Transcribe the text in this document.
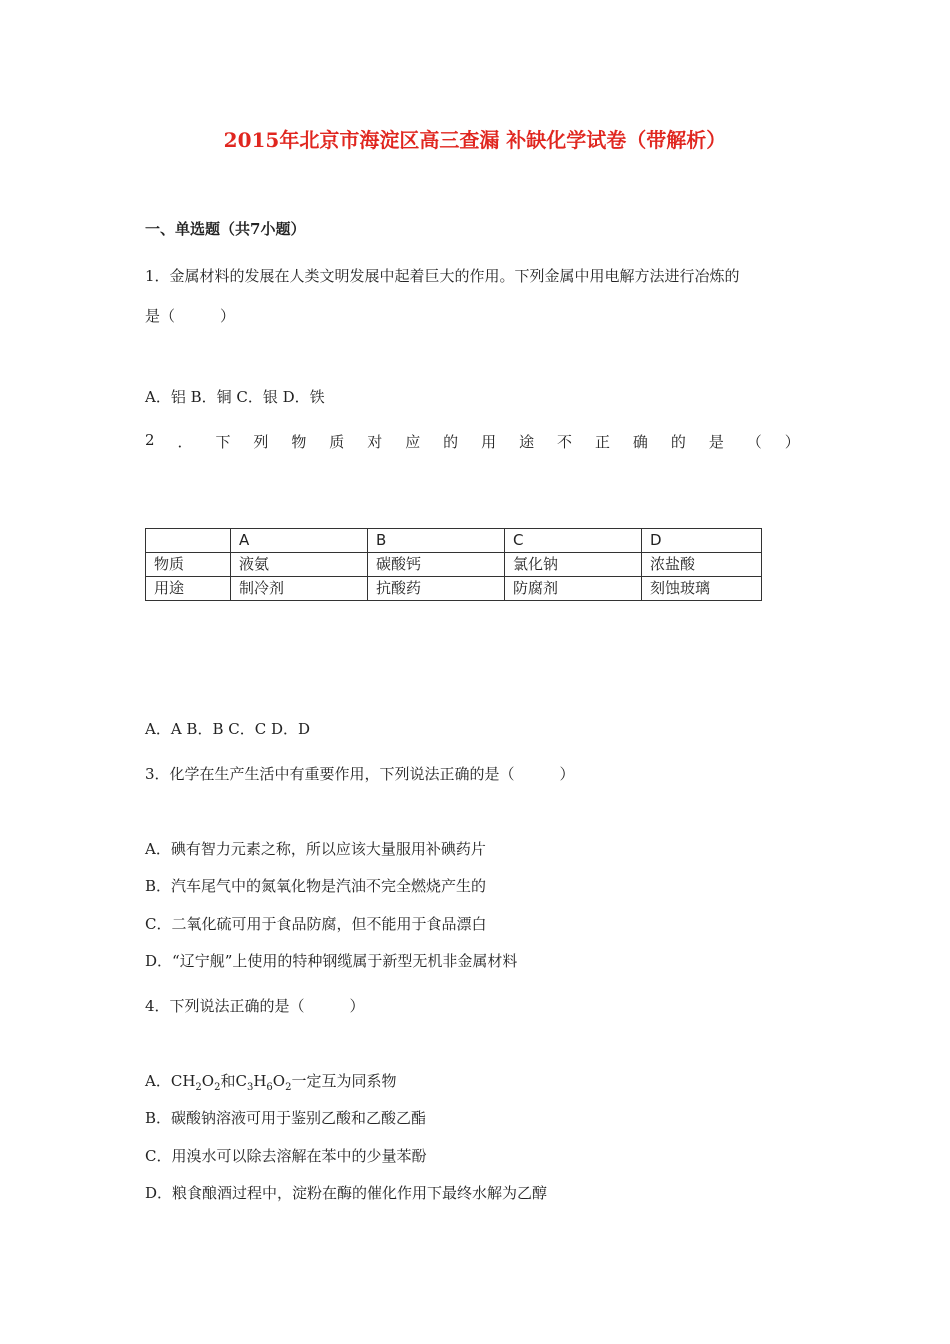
2015年北京市海淀区高三查漏 补缺化学试卷（带解析）
一、单选题（共7小题）
1．金属材料的发展在人类文明发展中起着巨大的作用。下列金属中用电解方法进行冶炼的
是（　　　）
A．铝 B．铜 C．银 D．铁
2 ． 下 列 物 质 对 应 的 用 途 不 正 确 的 是 （ ）
	A	B	C	D
物质	液氨	碳酸钙	氯化钠	浓盐酸
用途	制冷剂	抗酸药	防腐剂	刻蚀玻璃
A．A B．B C．C D．D
3．化学在生产生活中有重要作用，下列说法正确的是（　　　）
A．碘有智力元素之称，所以应该大量服用补碘药片
B．汽车尾气中的氮氧化物是汽油不完全燃烧产生的
C．二氧化硫可用于食品防腐，但不能用于食品漂白
D．“辽宁舰”上使用的特种钢缆属于新型无机非金属材料
4．下列说法正确的是（　　　）
A．$CH_2O_2$和$C_3H_6O_2$一定互为同系物
B．碳酸钠溶液可用于鉴别乙酸和乙酸乙酯
C．用溴水可以除去溶解在苯中的少量苯酚
D．粮食酿酒过程中，淀粉在酶的催化作用下最终水解为乙醇
